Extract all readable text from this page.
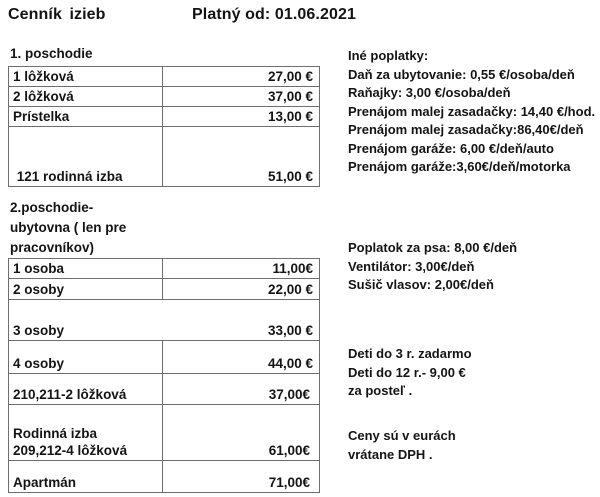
Cenník izieb	Platný od: 01.06.2021
1. poschodie
1 lôžková	27,00 €
2 lôžková	37,00 €
Prístelka	13,00 €
121 rodinná izba	51,00 €
2.poschodie- ubytovna ( len pre pracovníkov)
1 osoba	11,00€
2 osoby	22,00 €

3 osoby 33,00 €	

4 osoby	44,00 €
210,211-2 lôžková	37,00€

Rodinná izba
209,212-4 lôžková	61,00€
Apartmán	71,00€
Iné poplatky:
Daň za ubytovanie: 0,55 €/osoba/deň
Raňajky: 3,00 €/osoba/deň
Prenájom malej zasadačky: 14,40 €/hod.
Prenájom malej zasadačky:86,40€/deň
Prenájom garáže: 6,00 €/deň/auto
Prenájom garáže:3,60€/deň/motorka
Poplatok za psa: 8,00 €/deň
Ventilátor: 3,00€/deň
Sušič vlasov: 2,00€/deň
Deti do 3 r. zadarmo
Deti do 12 r.- 9,00 €
za posteľ .
Ceny sú v eurách
vrátane DPH .
